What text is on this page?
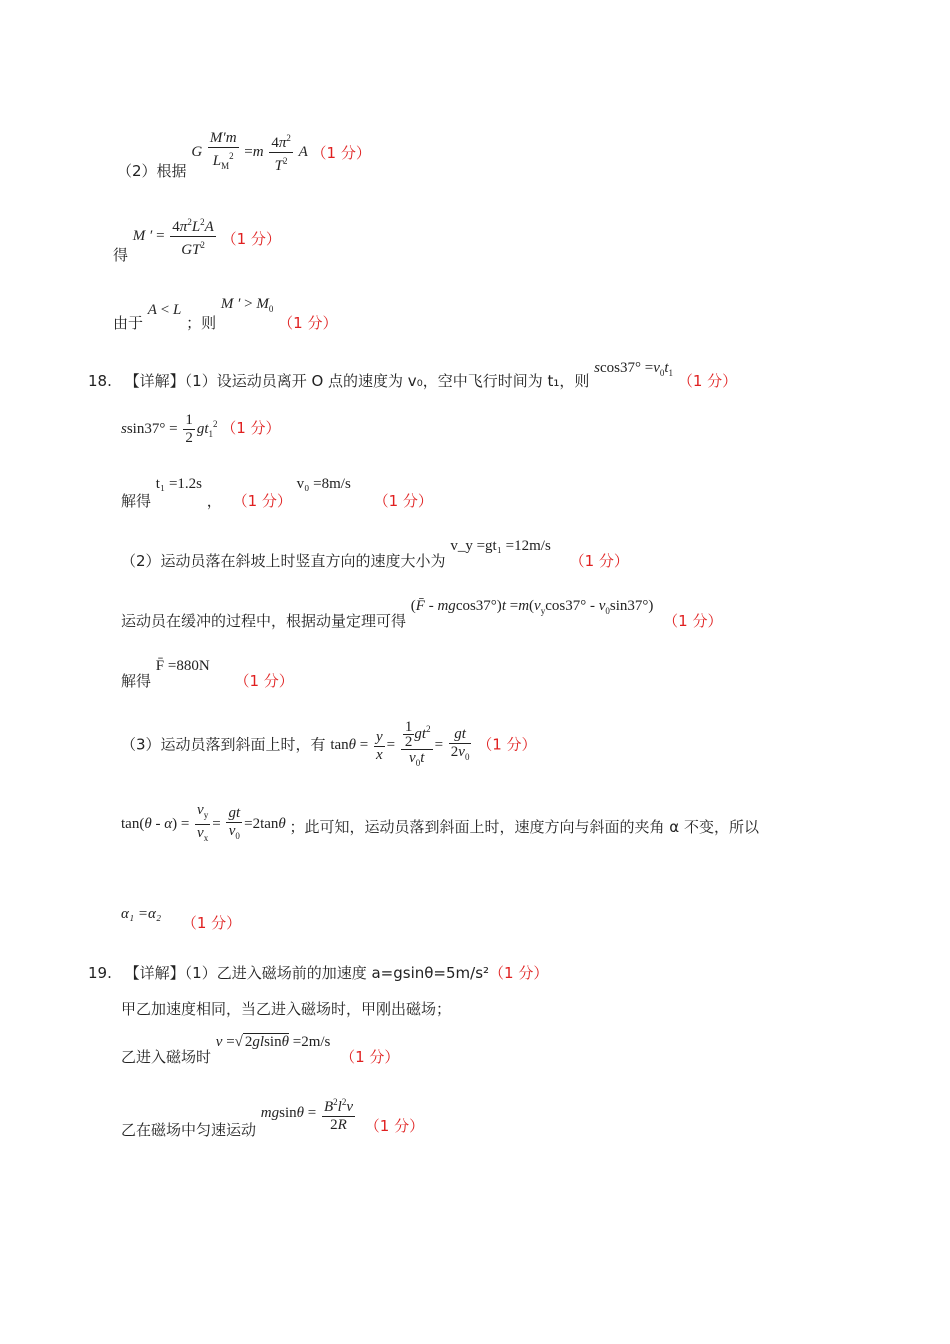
（2）根据 G $\frac{M'm}{L_M^2} =m \frac{4\pi^2}{T^2}$ A （1 分）
得 M ′ = $\frac{4\pi^2L^2A}{GT^2} (1$ 分）
由于 A < L ；则 M ′ > $M_0$ （1 分）
18. 【详解】（1）设运动员离开 O 点的速度为 v₀，空中飞行时间为 t₁，则 $scos37^\circ =v_0t_1$ （1 分）
$ssin37^\circ = \frac{1}{2} gt_1^2$ （1 分）
解得 t₁ =1.2s ， （1 分） v₀ =8m/s （1 分）
（2）运动员落在斜坡上时竖直方向的速度大小为 v_y =gt₁ =12m/s （1 分）
运动员在缓冲的过程中，根据动量定理可得 (F̄ - $mgcos37^\circ)t =m(v_y\cos 37^\circ - v_0\sin 37^\circ)$ （1 分）
解得 F̄ =880N （1 分）
（3）运动员落到斜面上时，有 $\tan\theta = \frac{y}{x} = \frac{\frac{1}{2} gt^2}{v_0t} = \frac{gt}{2v_0} (1$ 分）
$\tan(\theta - \alpha) = \frac{v_y}{v_x} = \frac{gt}{v_0} =2\tan\theta$ ；此可知，运动员落到斜面上时，速度方向与斜面的夹角 α 不变，所以
α₁ =α₂ （1 分）
19. 【详解】（1）乙进入磁场前的加速度 a=gsinθ=5m/s²（1 分）
甲乙加速度相同，当乙进入磁场时，甲刚出磁场；
乙进入磁场时 v =√ 2glsinθ =2m/s （1 分）
乙在磁场中匀速运动 $mgsin\theta = \frac{B^2l^2v}{2R} (1$ 分）
